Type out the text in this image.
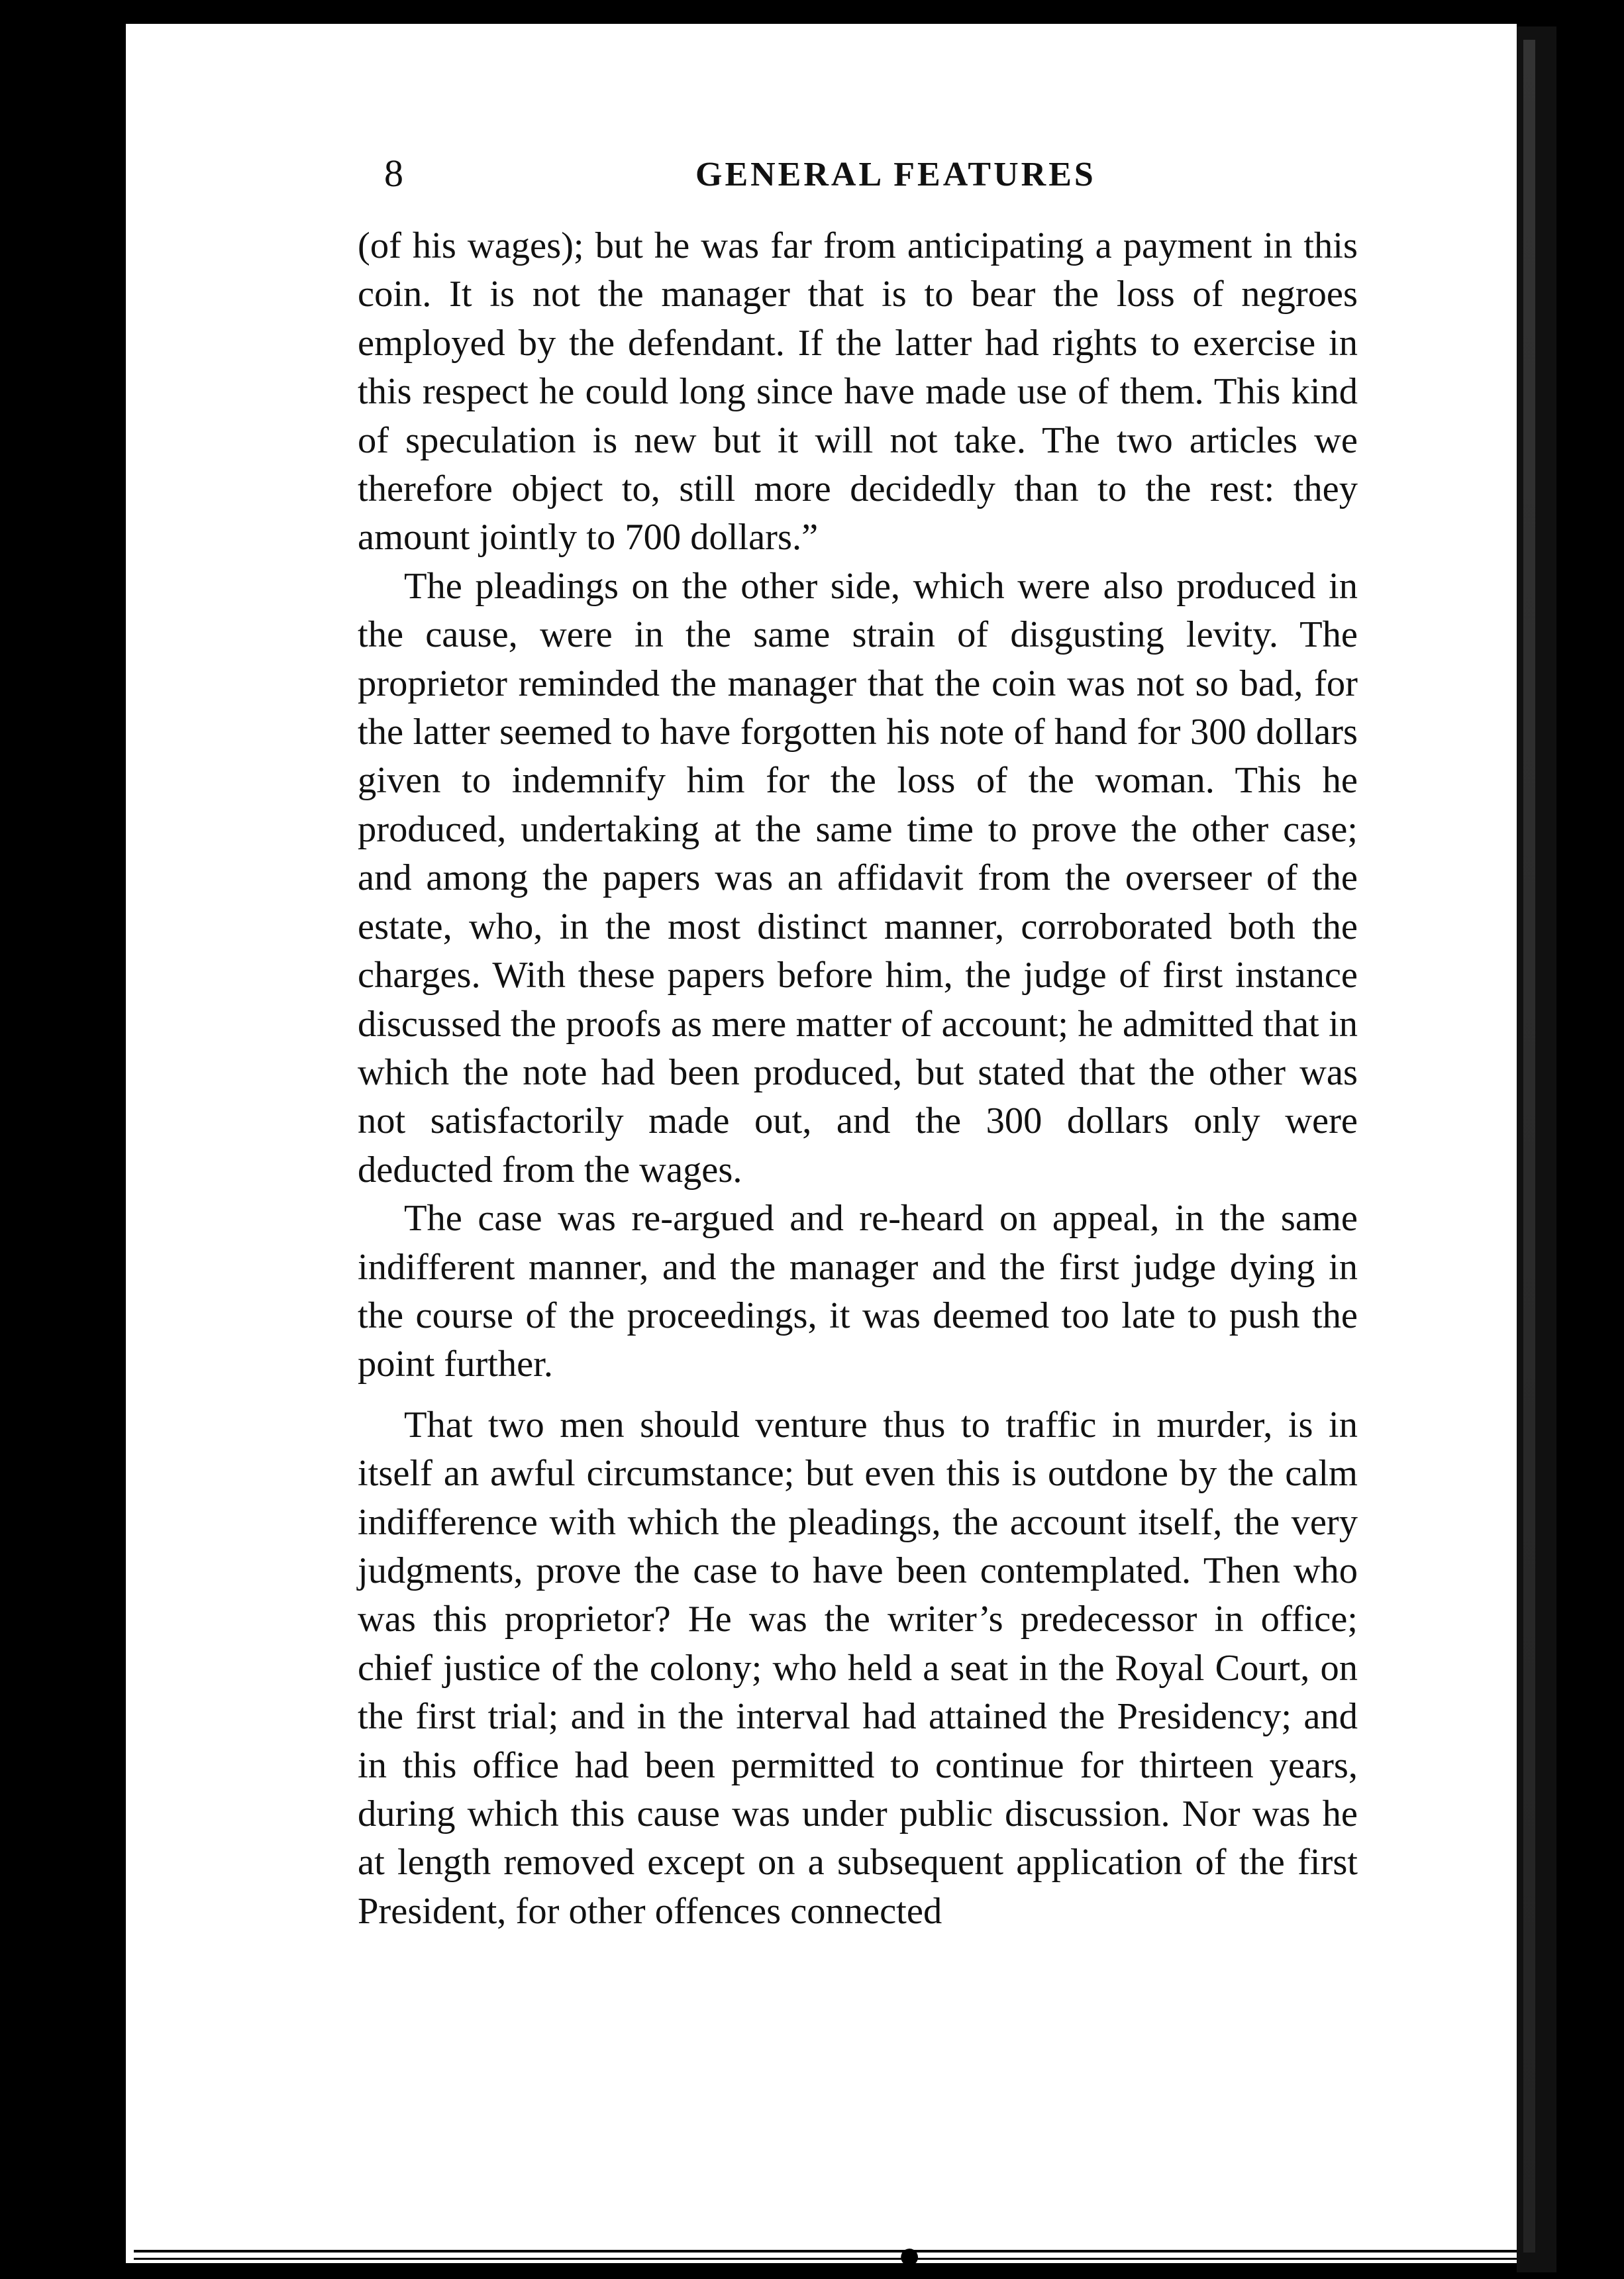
8	GENERAL FEATURES

(of his wages); but he was far from anticipating a payment in this coin. It is not the manager that is to bear the loss of negroes employed by the defendant. If the latter had rights to exercise in this respect he could long since have made use of them. This kind of speculation is new but it will not take. The two articles we therefore object to, still more decidedly than to the rest: they amount jointly to 700 dollars.”

The pleadings on the other side, which were also produced in the cause, were in the same strain of disgusting levity. The proprietor reminded the manager that the coin was not so bad, for the latter seemed to have forgotten his note of hand for 300 dollars given to indemnify him for the loss of the woman. This he produced, undertaking at the same time to prove the other case; and among the papers was an affidavit from the overseer of the estate, who, in the most distinct manner, corroborated both the charges. With these papers before him, the judge of first instance discussed the proofs as mere matter of account; he admitted that in which the note had been produced, but stated that the other was not satisfactorily made out, and the 300 dollars only were deducted from the wages.

The case was re-argued and re-heard on appeal, in the same indifferent manner, and the manager and the first judge dying in the course of the proceedings, it was deemed too late to push the point further.

That two men should venture thus to traffic in murder, is in itself an awful circumstance; but even this is outdone by the calm indifference with which the pleadings, the account itself, the very judgments, prove the case to have been contemplated. Then who was this proprietor? He was the writer’s predecessor in office; chief justice of the colony; who held a seat in the Royal Court, on the first trial; and in the interval had attained the Presidency; and in this office had been permitted to continue for thirteen years, during which this cause was under public discussion. Nor was he at length removed except on a subsequent application of the first President, for other offences connected

➹
➹
●
